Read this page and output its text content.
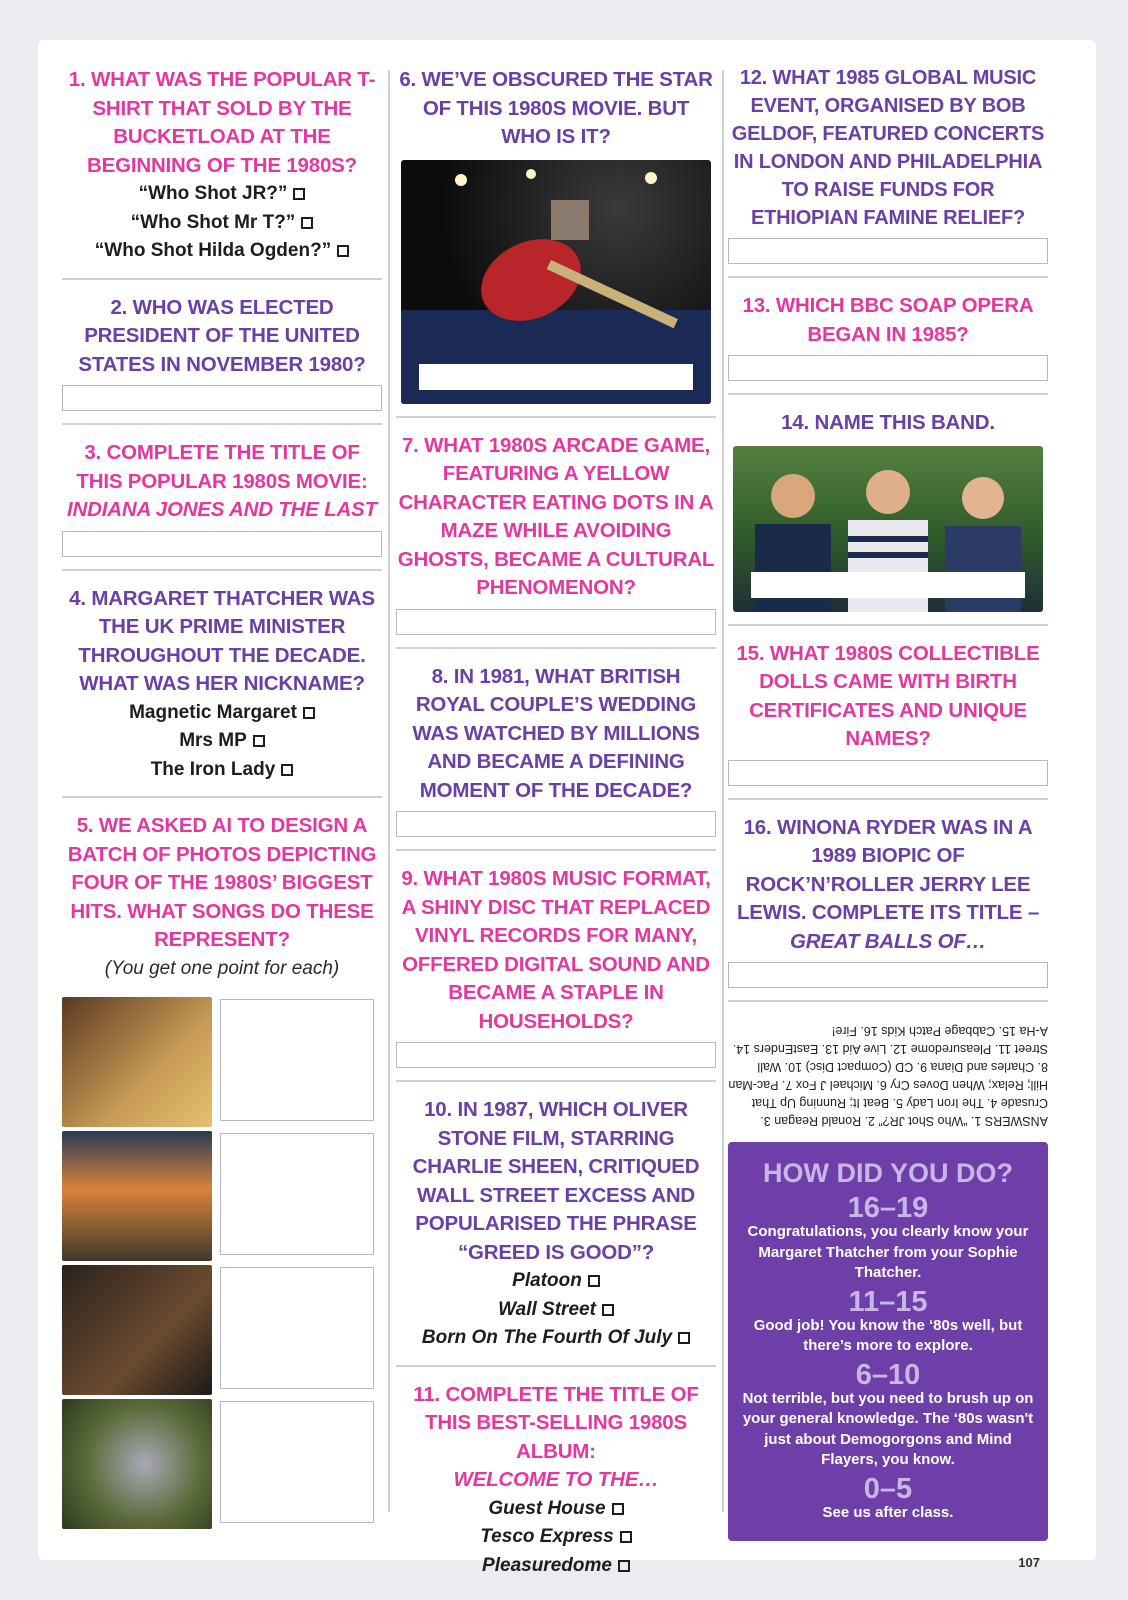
1. WHAT WAS THE POPULAR T-SHIRT THAT SOLD BY THE BUCKETLOAD AT THE BEGINNING OF THE 1980S?
“Who Shot JR?”
“Who Shot Mr T?”
“Who Shot Hilda Ogden?”
2. WHO WAS ELECTED PRESIDENT OF THE UNITED STATES IN NOVEMBER 1980?
3. COMPLETE THE TITLE OF THIS POPULAR 1980S MOVIE:
INDIANA JONES AND THE LAST
4. MARGARET THATCHER WAS THE UK PRIME MINISTER THROUGHOUT THE DECADE. WHAT WAS HER NICKNAME?
Magnetic Margaret
Mrs MP
The Iron Lady
5. WE ASKED AI TO DESIGN A BATCH OF PHOTOS DEPICTING FOUR OF THE 1980S’ BIGGEST HITS. WHAT SONGS DO THESE REPRESENT?
(You get one point for each)
6. WE’VE OBSCURED THE STAR OF THIS 1980S MOVIE. BUT WHO IS IT?
7. WHAT 1980S ARCADE GAME, FEATURING A YELLOW CHARACTER EATING DOTS IN A MAZE WHILE AVOIDING GHOSTS, BECAME A CULTURAL PHENOMENON?
8. IN 1981, WHAT BRITISH ROYAL COUPLE’S WEDDING WAS WATCHED BY MILLIONS AND BECAME A DEFINING MOMENT OF THE DECADE?
9. WHAT 1980S MUSIC FORMAT, A SHINY DISC THAT REPLACED VINYL RECORDS FOR MANY, OFFERED DIGITAL SOUND AND BECAME A STAPLE IN HOUSEHOLDS?
10. IN 1987, WHICH OLIVER STONE FILM, STARRING CHARLIE SHEEN, CRITIQUED WALL STREET EXCESS AND POPULARISED THE PHRASE “GREED IS GOOD”?
Platoon
Wall Street
Born On The Fourth Of July
11. COMPLETE THE TITLE OF THIS BEST-SELLING 1980S ALBUM:
WELCOME TO THE…
Guest House
Tesco Express
Pleasuredome
12. WHAT 1985 GLOBAL MUSIC EVENT, ORGANISED BY BOB GELDOF, FEATURED CONCERTS IN LONDON AND PHILADELPHIA TO RAISE FUNDS FOR ETHIOPIAN FAMINE RELIEF?
13. WHICH BBC SOAP OPERA BEGAN IN 1985?
14. NAME THIS BAND.
15. WHAT 1980S COLLECTIBLE DOLLS CAME WITH BIRTH CERTIFICATES AND UNIQUE NAMES?
16. WINONA RYDER WAS IN A 1989 BIOPIC OF ROCK’N’ROLLER JERRY LEE LEWIS. COMPLETE ITS TITLE –
GREAT BALLS OF…
ANSWERS 1. “Who Shot JR?” 2. Ronald Reagan 3. Crusade 4. The Iron Lady 5. Beat It; Running Up That Hill; Relax; When Doves Cry 6. Michael J Fox 7. Pac-Man 8. Charles and Diana 9. CD (Compact Disc) 10. Wall Street 11. Pleasuredome 12. Live Aid 13. EastEnders 14. A-Ha 15. Cabbage Patch Kids 16. Fire!
HOW DID YOU DO?
16–19
Congratulations, you clearly know your Margaret Thatcher from your Sophie Thatcher.
11–15
Good job! You know the ‘80s well, but there’s more to explore.
6–10
Not terrible, but you need to brush up on your general knowledge. The ‘80s wasn't just about Demogorgons and Mind Flayers, you know.
0–5
See us after class.
107
